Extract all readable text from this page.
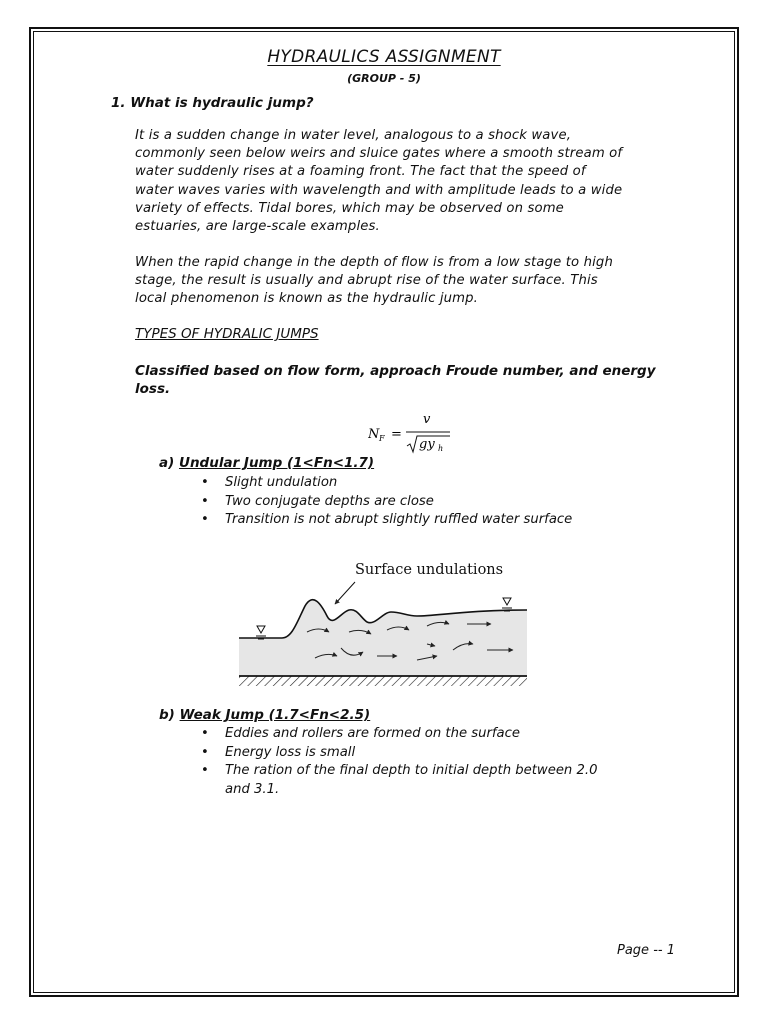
HYDRAULICS ASSIGNMENT
(GROUP - 5)
1. What is hydraulic jump?
It is a sudden change in water level, analogous to a shock wave,
commonly seen below weirs and sluice gates where a smooth stream of
water suddenly rises at a foaming front. The fact that the speed of
water waves varies with wavelength and with amplitude leads to a wide
variety of effects. Tidal bores, which may be observed on some
estuaries, are large-scale examples.
When the rapid change in the depth of flow is from a low stage to high
stage, the result is usually and abrupt rise of the water surface. This
local phenomenon is known as the hydraulic jump.
TYPES OF HYDRALIC JUMPS
Classified based on flow form, approach Froude number, and energy
loss.
N F =
v
gy h
a) Undular Jump (1<Fn<1.7)
• Slight undulation
• Two conjugate depths are close
• Transition is not abrupt slightly ruffled water surface
Surface undulations
b) Weak Jump (1.7<Fn<2.5)
• Eddies and rollers are formed on the surface
• Energy loss is small
• The ration of the final depth to initial depth between 2.0
and 3.1.
Page -- 1
